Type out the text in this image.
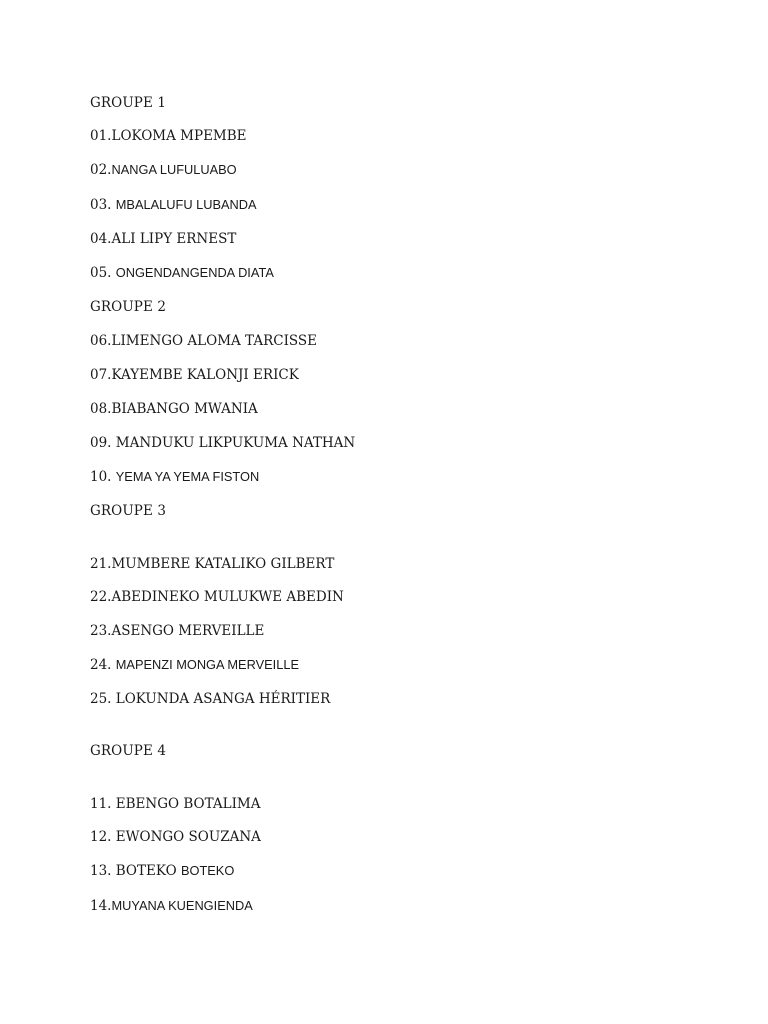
GROUPE 1
01.LOKOMA MPEMBE
02.NANGA LUFULUABO
03. MBALALUFU LUBANDA
04.ALI LIPY ERNEST
05. ONGENDANGENDA DIATA
GROUPE 2
06.LIMENGO ALOMA TARCISSE
07.KAYEMBE KALONJI ERICK
08.BIABANGO MWANIA
09. MANDUKU LIKPUKUMA NATHAN
10. YEMA YA YEMA FISTON
GROUPE 3
21.MUMBERE KATALIKO GILBERT
22.ABEDINEKO MULUKWE ABEDIN
23.ASENGO MERVEILLE
24. MAPENZI MONGA MERVEILLE
25. LOKUNDA ASANGA HÉRITIER
GROUPE 4
11. EBENGO BOTALIMA
12. EWONGO SOUZANA
13. BOTEKO BOTEKO
14.MUYANA KUENGIENDA
